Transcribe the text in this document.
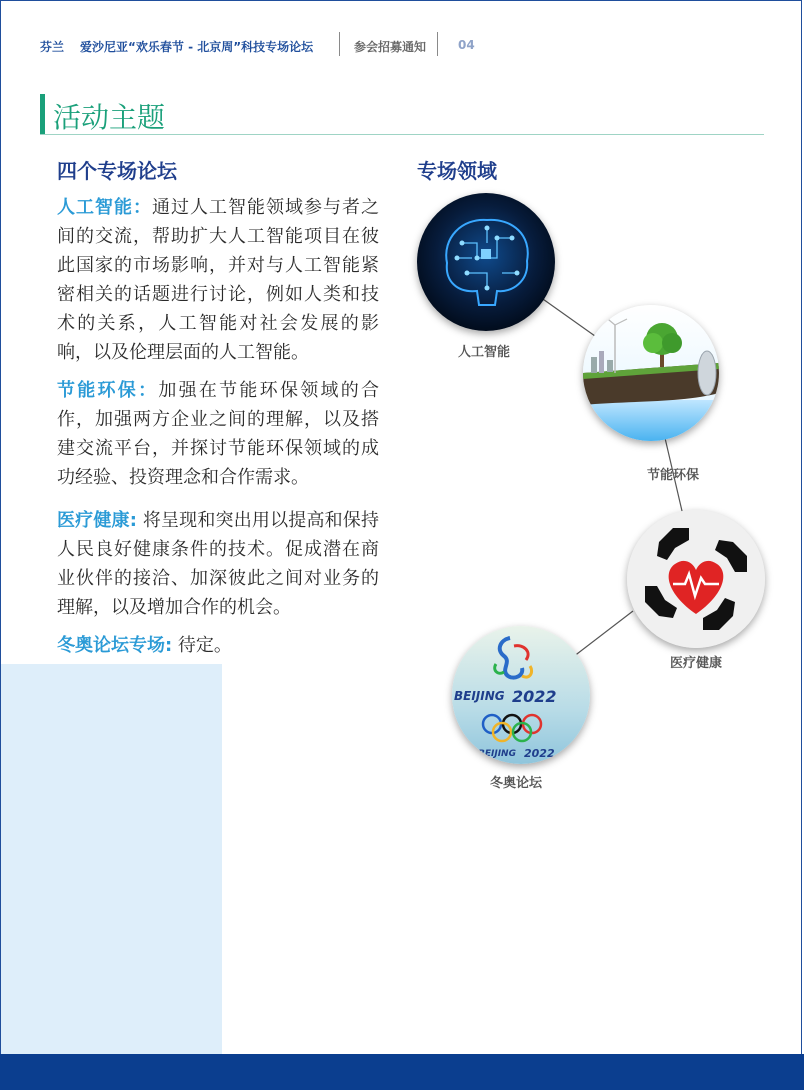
芬兰 爱沙尼亚“欢乐春节 - 北京周”科技专场论坛	参会招募通知	04
活动主题
四个专场论坛
人工智能：通过人工智能领域参与者之间的交流，帮助扩大人工智能项目在彼此国家的市场影响，并对与人工智能紧密相关的话题进行讨论，例如人类和技术的关系，人工智能对社会发展的影响，以及伦理层面的人工智能。
节能环保：加强在节能环保领域的合作，加强两方企业之间的理解，以及搭建交流平台，并探讨节能环保领域的成功经验、投资理念和合作需求。
医疗健康: 将呈现和突出用以提高和保持人民良好健康条件的技术。促成潜在商业伙伴的接洽、加深彼此之间对业务的理解，以及增加合作的机会。
冬奥论坛专场: 待定。
专场领域
人工智能
节能环保
医疗健康
BEIJING 2022
BEIJING 2022
冬奥论坛
